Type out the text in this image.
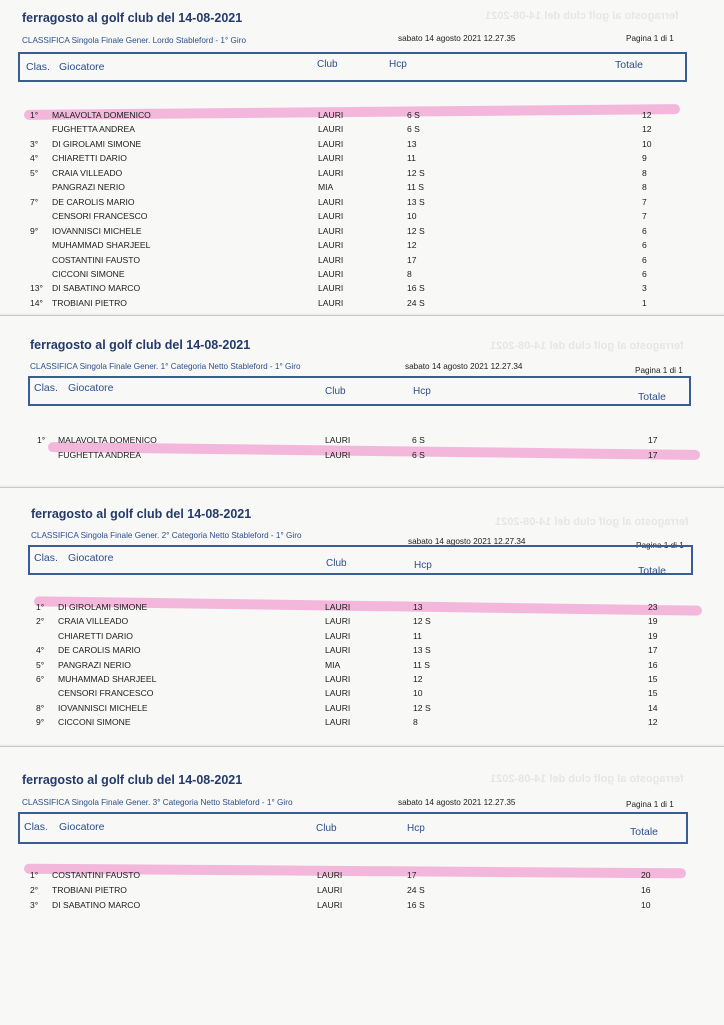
ferragosto al golf club del 14-08-2021
ferragosto al golf club del 14-08-2021
CLASSIFICA Singola Finale Gener. Lordo Stableford - 1° Giro	sabato 14 agosto 2021 12.27.35	Pagina 1 di 1
Clas. Giocatore	Club	Hcp	Totale
1° MALAVOLTA DOMENICO	LAURI	6 S	12
FUGHETTA ANDREA	LAURI	6 S	12
3° DI GIROLAMI SIMONE	LAURI	13	10
4° CHIARETTI DARIO	LAURI	11	9
5° CRAIA VILLEADO	LAURI	12 S	8
PANGRAZI NERIO	MIA	11 S	8
7° DE CAROLIS MARIO	LAURI	13 S	7
CENSORI FRANCESCO	LAURI	10	7
9° IOVANNISCI MICHELE	LAURI	12 S	6
MUHAMMAD SHARJEEL	LAURI	12	6
COSTANTINI FAUSTO	LAURI	17	6
CICCONI SIMONE	LAURI	8	6
13° DI SABATINO MARCO	LAURI	16 S	3
14° TROBIANI PIETRO	LAURI	24 S	1
ferragosto al golf club del 14-08-2021
ferragosto al golf club del 14-08-2021
CLASSIFICA Singola Finale Gener. 1° Categoria Netto Stableford - 1° Giro	sabato 14 agosto 2021 12.27.34	Pagina 1 di 1
Clas. Giocatore	Club	Hcp	Totale
1° MALAVOLTA DOMENICO	LAURI	6 S	17
FUGHETTA ANDREA	LAURI	6 S	17
ferragosto al golf club del 14-08-2021
ferragosto al golf club del 14-08-2021
CLASSIFICA Singola Finale Gener. 2° Categoria Netto Stableford - 1° Giro
sabato 14 agosto 2021 12.27.34	Pagina 1 di 1
Clas. Giocatore	Club	Hcp	Totale
1° DI GIROLAMI SIMONE	LAURI	13	23
2° CRAIA VILLEADO	LAURI	12 S	19
CHIARETTI DARIO	LAURI	11	19
4° DE CAROLIS MARIO	LAURI	13 S	17
5° PANGRAZI NERIO	MIA	11 S	16
6° MUHAMMAD SHARJEEL	LAURI	12	15
CENSORI FRANCESCO	LAURI	10	15
8° IOVANNISCI MICHELE	LAURI	12 S	14
9° CICCONI SIMONE	LAURI	8	12
ferragosto al golf club del 14-08-2021
ferragosto al golf club del 14-08-2021
CLASSIFICA Singola Finale Gener. 3° Categoria Netto Stableford - 1° Giro	sabato 14 agosto 2021 12.27.35	Pagina 1 di 1
Clas. Giocatore	Club	Hcp	Totale
1° COSTANTINI FAUSTO	LAURI	17	20
2° TROBIANI PIETRO	LAURI	24 S	16
3° DI SABATINO MARCO	LAURI	16 S	10
